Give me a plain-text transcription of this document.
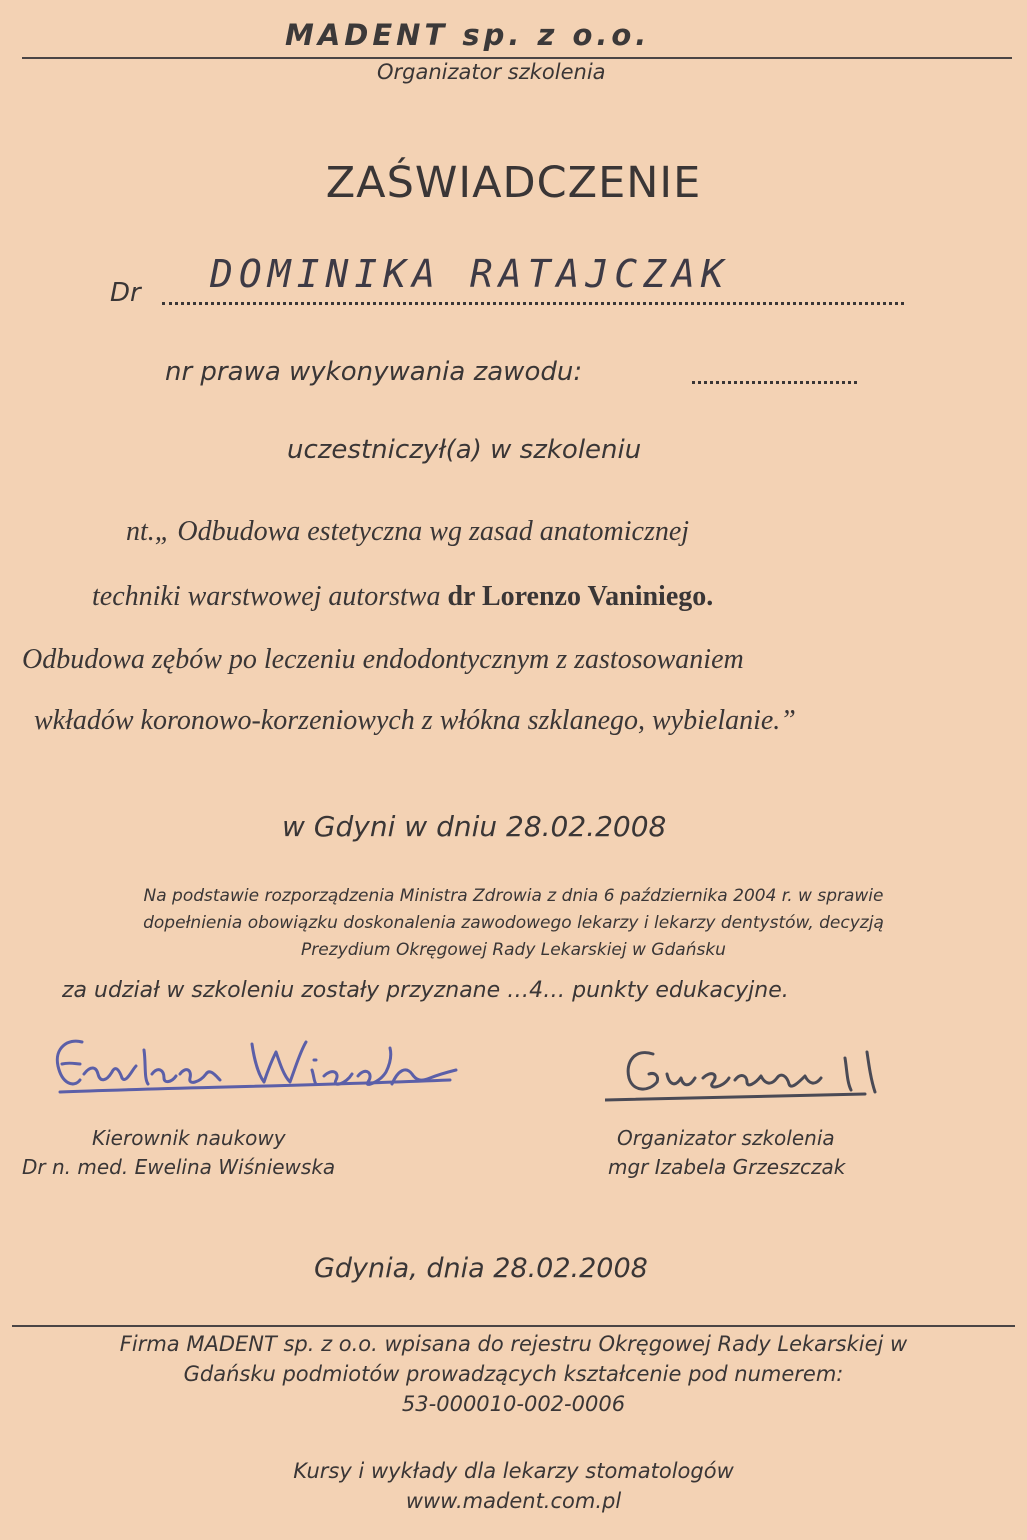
MADENT sp. z o.o.
Organizator szkolenia
ZAŚWIADCZENIE
Dr DOMINIKA RATAJCZAK
nr prawa wykonywania zawodu:
uczestniczył(a) w szkoleniu
nt.„ Odbudowa estetyczna wg zasad anatomicznej
techniki warstwowej autorstwa dr Lorenzo Vaniniego.
Odbudowa zębów po leczeniu endodontycznym z zastosowaniem
wkładów koronowo-korzeniowych z włókna szklanego, wybielanie.”
w Gdyni w dniu 28.02.2008
Na podstawie rozporządzenia Ministra Zdrowia z dnia 6 października 2004 r. w sprawie
dopełnienia obowiązku doskonalenia zawodowego lekarzy i lekarzy dentystów, decyzją
Prezydium Okręgowej Rady Lekarskiej w Gdańsku
za udział w szkoleniu zostały przyznane …4… punkty edukacyjne.
Kierownik naukowy
Dr n. med. Ewelina Wiśniewska
Organizator szkolenia
mgr Izabela Grzeszczak
Gdynia, dnia 28.02.2008
Firma MADENT sp. z o.o. wpisana do rejestru Okręgowej Rady Lekarskiej w
Gdańsku podmiotów prowadzących kształcenie pod numerem:
53-000010-002-0006
Kursy i wykłady dla lekarzy stomatologów
www.madent.com.pl
